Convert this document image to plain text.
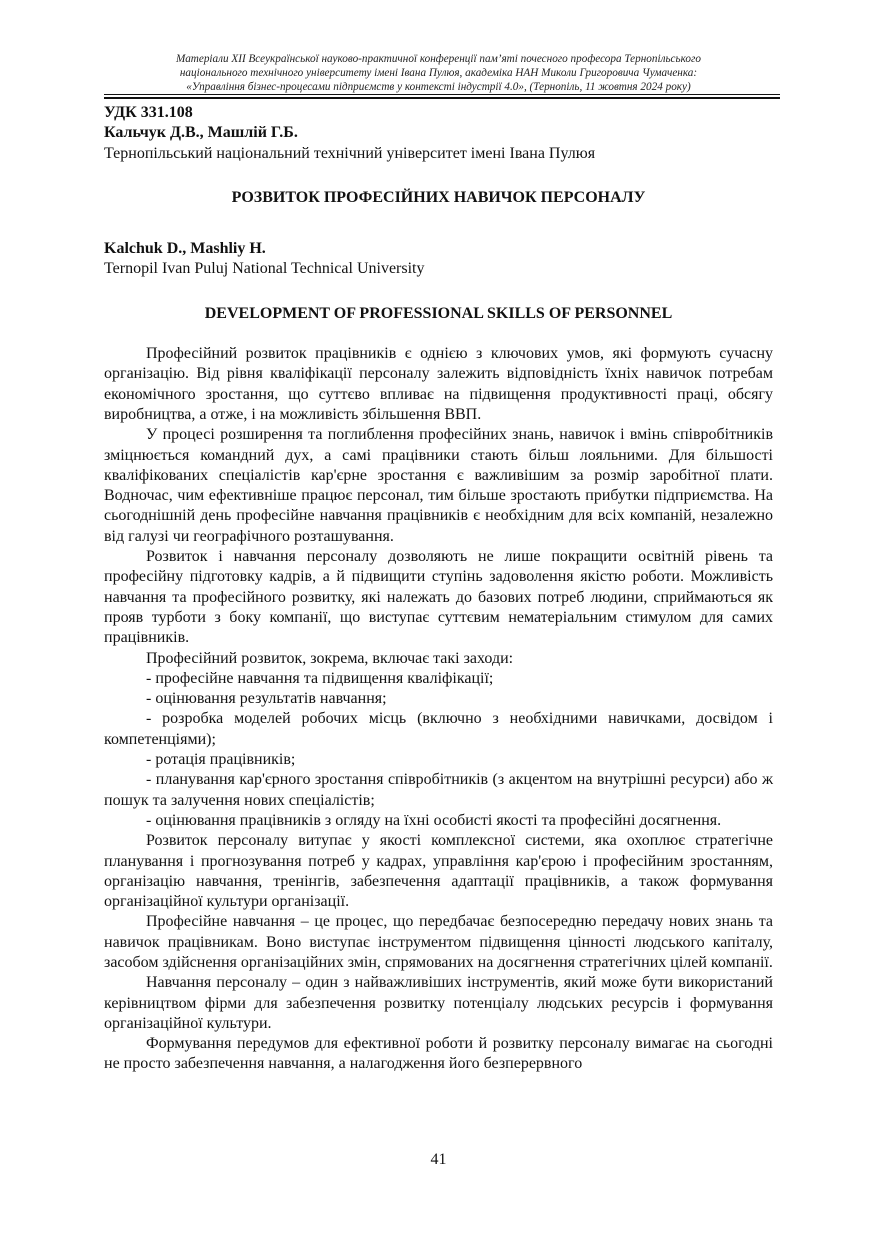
Матеріали XII Всеукраїнської науково-практичної конференції пам’яті почесного професора Тернопільського
національного технічного університету імені Івана Пулюя, академіка НАН Миколи Григоровича Чумаченка:
«Управління бізнес-процесами підприємств у контексті індустрії 4.0», (Тернопіль, 11 жовтня 2024 року)
УДК 331.108
Кальчук Д.В., Машлій Г.Б.
Тернопільський національний технічний університет імені Івана Пулюя
РОЗВИТОК ПРОФЕСІЙНИХ НАВИЧОК ПЕРСОНАЛУ
Kalchuk D., Mashliy H.
Ternopil Ivan Puluj National Technical University
DEVELOPMENT OF PROFESSIONAL SKILLS OF PERSONNEL

Професійний розвиток працівників є однією з ключових умов, які формують сучасну організацію. Від рівня кваліфікації персоналу залежить відповідність їхніх навичок потребам економічного зростання, що суттєво впливає на підвищення продуктивності праці, обсягу виробництва, а отже, і на можливість збільшення ВВП.

У процесі розширення та поглиблення професійних знань, навичок і вмінь співробітників зміцнюється командний дух, а самі працівники стають більш лояльними. Для більшості кваліфікованих спеціалістів кар'єрне зростання є важливішим за розмір заробітної плати. Водночас, чим ефективніше працює персонал, тим більше зростають прибутки підприємства. На сьогоднішній день професійне навчання працівників є необхідним для всіх компаній, незалежно від галузі чи географічного розташування.

Розвиток і навчання персоналу дозволяють не лише покращити освітній рівень та професійну підготовку кадрів, а й підвищити ступінь задоволення якістю роботи. Можливість навчання та професійного розвитку, які належать до базових потреб людини, сприймаються як прояв турботи з боку компанії, що виступає суттєвим нематеріальним стимулом для самих працівників.

Професійний розвиток, зокрема, включає такі заходи:

- професійне навчання та підвищення кваліфікації;
- оцінювання результатів навчання;
- розробка моделей робочих місць (включно з необхідними навичками, досвідом і компетенціями);
- ротація працівників;
- планування кар'єрного зростання співробітників (з акцентом на внутрішні ресурси) або ж пошук та залучення нових спеціалістів;
- оцінювання працівників з огляду на їхні особисті якості та професійні досягнення.

Розвиток персоналу витупає у якості комплексної системи, яка охоплює стратегічне планування і прогнозування потреб у кадрах, управління кар'єрою і професійним зростанням, організацію навчання, тренінгів, забезпечення адаптації працівників, а також формування організаційної культури організації.

Професійне навчання – це процес, що передбачає безпосередню передачу нових знань та навичок працівникам. Воно виступає інструментом підвищення цінності людського капіталу, засобом здійснення організаційних змін, спрямованих на досягнення стратегічних цілей компанії.

Навчання персоналу – один з найважливіших інструментів, який може бути використаний керівництвом фірми для забезпечення розвитку потенціалу людських ресурсів і формування організаційної культури.

Формування передумов для ефективної роботи й розвитку персоналу вимагає на сьогодні не просто забезпечення навчання, а налагодження його безперервного

41
